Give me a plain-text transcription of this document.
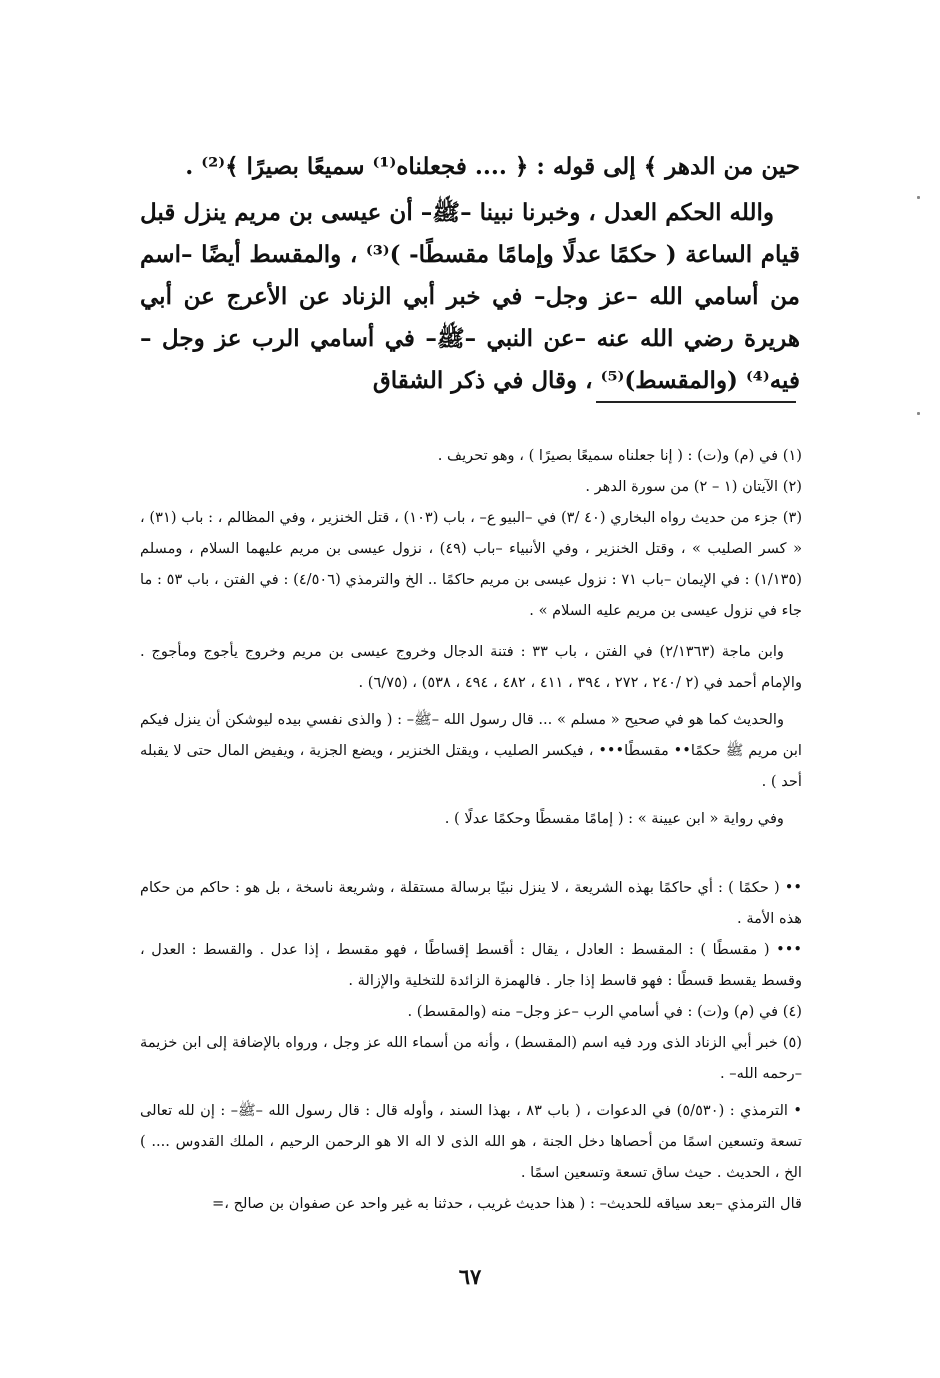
حين من الدهر ﴾ إلى قوله : ﴿ .... فجعلناه⁽¹⁾ سميعًا بصيرًا ﴾⁽²⁾ .

والله الحكم العدل ، وخبرنا نبينا –ﷺ– أن عيسى بن مريم ينزل قبل قيام الساعة ( حكمًا عدلًا وإمامًا مقسطًا- )⁽³⁾ ، والمقسط أيضًا –اسم من أسامي الله –عز وجل– في خبر أبي الزناد عن الأعرج عن أبي هريرة رضي الله عنه –عن النبي –ﷺ– في أسامي الرب عز وجل –فيه⁽⁴⁾ (والمقسط)⁽⁵⁾ ، وقال في ذكر الشقاق

(١) في (م) و(ت) : ( إنا جعلناه سميعًا بصيرًا ) ، وهو تحريف .

(٢) الآيتان (١ – ٢) من سورة الدهر .

(٣) جزء من حديث رواه البخاري (٤٠ /٣) في –البيو ع– ، باب (١٠٣) ، قتل الخنزير ، وفي المظالم ، : باب (٣١) ، « كسر الصليب » ، وقتل الخنزير ، وفي الأنبياء –باب (٤٩) ، نزول عيسى بن مريم عليهما السلام ، ومسلم (١/١٣٥) : في الإيمان –باب ٧١ : نزول عيسى بن مريم حاكمًا .. الخ والترمذي (٤/٥٠٦) : في الفتن ، باب ٥٣ : ما جاء في نزول عيسى بن مريم عليه السلام » .

وابن ماجة (٢/١٣٦٣) في الفتن ، باب ٣٣ : فتنة الدجال وخروج عيسى بن مريم وخروج يأجوج ومأجوج . والإمام أحمد في (٢ /٢٤٠ ، ٢٧٢ ، ٣٩٤ ، ٤١١ ، ٤٨٢ ، ٤٩٤ ، ٥٣٨) ، (٦/٧٥) .

والحديث كما هو في صحيح « مسلم » ... قال رسول الله –ﷺ– : ( والذى نفسي بيده ليوشكن أن ينزل فيكم ابن مريم ﷺ حكمًا•• مقسطًا••• ، فيكسر الصليب ، ويقتل الخنزير ، ويضع الجزية ، ويفيض المال حتى لا يقبله أحد ) .

وفي رواية « ابن عيينة » : ( إمامًا مقسطًا وحكمًا عدلًا ) .

•• ( حكمًا ) : أي حاكمًا بهذه الشريعة ، لا ينزل نبيًا برسالة مستقلة ، وشريعة ناسخة ، بل هو : حاكم من حكام هذه الأمة .

••• ( مقسطًا ) : المقسط : العادل ، يقال : أقسط إقساطًا ، فهو مقسط ، إذا عدل . والقسط : العدل ، وقسط يقسط قسطًا : فهو قاسط إذا جار . فالهمزة الزائدة للتخلية والإزالة .

(٤) في (م) و(ت) : في أسامي الرب –عز وجل– منه (والمقسط) .

(٥) خبر أبي الزناد الذى ورد فيه اسم (المقسط) ، وأنه من أسماء الله عز وجل ، ورواه بالإضافة إلى ابن خزيمة –رحمه الله– .

• الترمذي : (٥/٥٣٠) في الدعوات ، ( باب ٨٣ ، بهذا السند ، وأوله قال : قال رسول الله –ﷺ– : إن لله تعالى تسعة وتسعين اسمًا من أحصاها دخل الجنة ، هو الله الذى لا اله الا هو الرحمن الرحيم ، الملك القدوس .... ) الخ ، الحديث . حيث ساق تسعة وتسعين اسمًا .

قال الترمذي –بعد سياقه للحديث– : ( هذا حديث غريب ، حدثنا به غير واحد عن صفوان بن صالح ،=

٦٧
